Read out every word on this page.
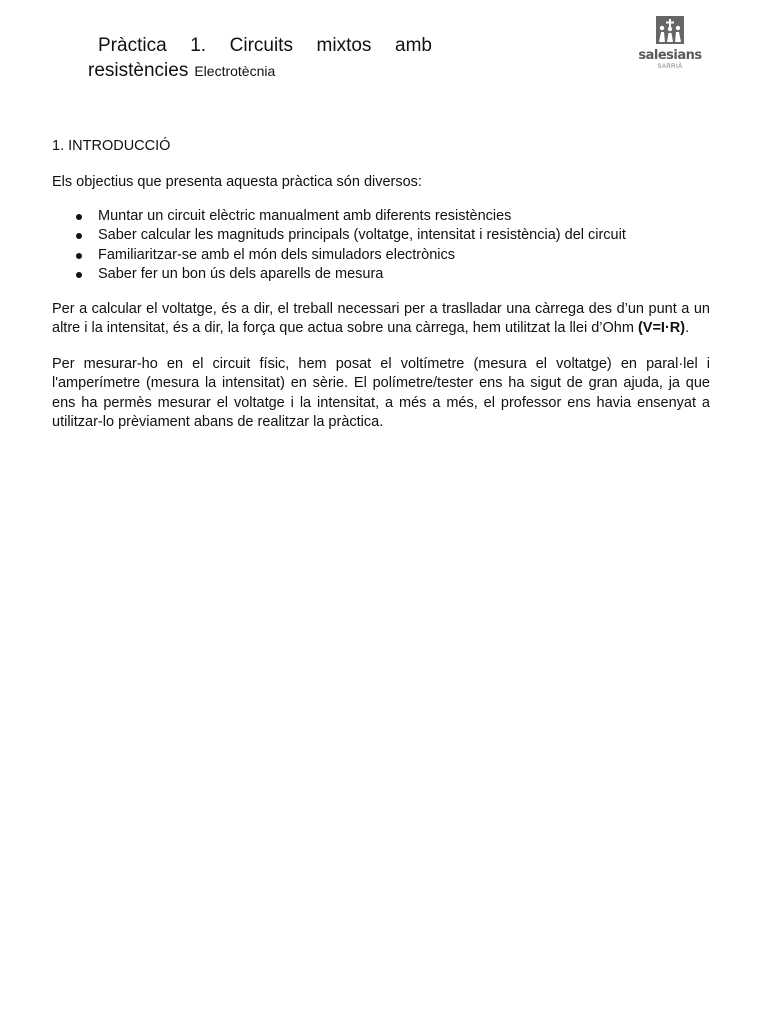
Pràctica 1. Circuits mixtos amb
resistències Electrotècnia
salesians
SARRIÀ
1. INTRODUCCIÓ

Els objectius que presenta aquesta pràctica són diversos:

Muntar un circuit elèctric manualment amb diferents resistències
Saber calcular les magnituds principals (voltatge, intensitat i resistència) del circuit
Familiaritzar-se amb el món dels simuladors electrònics
Saber fer un bon ús dels aparells de mesura

Per a calcular el voltatge, és a dir, el treball necessari per a traslladar una càrrega des d’un punt a un altre i la intensitat, és a dir, la força que actua sobre una càrrega, hem utilitzat la llei d’Ohm (V=I·R).

Per mesurar-ho en el circuit físic, hem posat el voltímetre (mesura el voltatge) en paral·lel i l'amperímetre (mesura la intensitat) en sèrie. El polímetre/tester ens ha sigut de gran ajuda, ja que ens ha permès mesurar el voltatge i la intensitat, a més a més, el professor ens havia ensenyat a utilitzar-lo prèviament abans de realitzar la pràctica.
